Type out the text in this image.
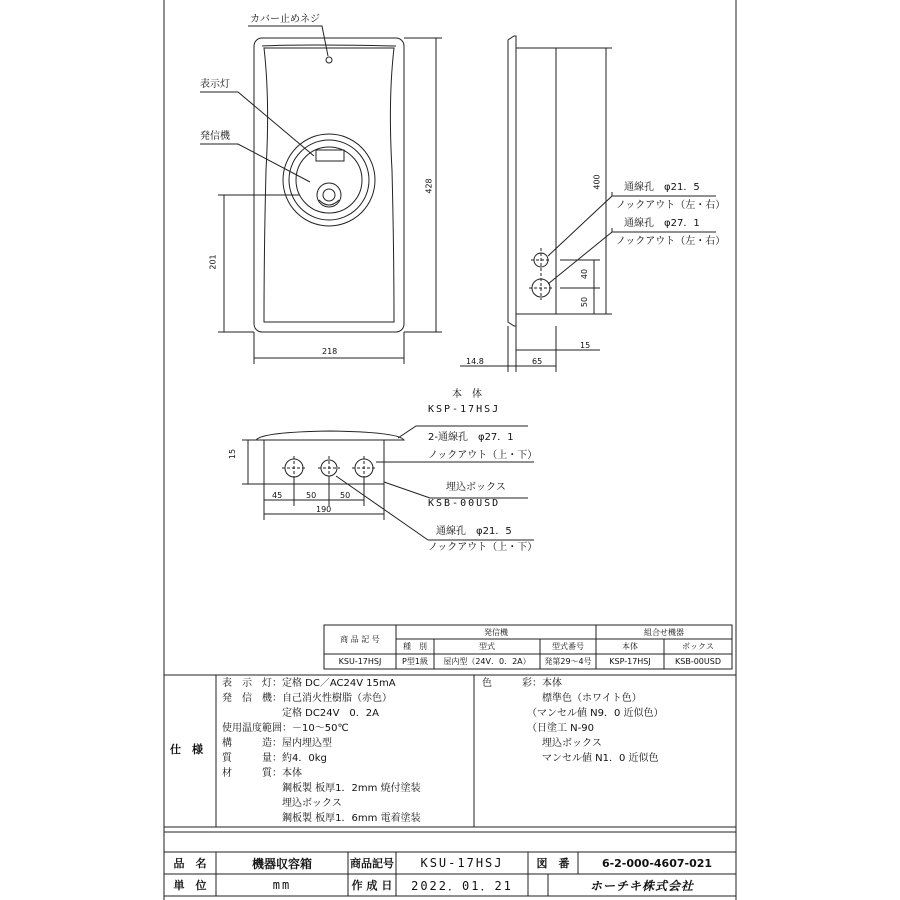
カバー止めネジ
表示灯
発信機
428
201
218
400
40
50
14.8	65
15
通線孔　φ21．5
ノックアウト（左・右）
通線孔　φ27．1
ノックアウト（左・右）
本　体
KSP-17HSJ
2-通線孔　φ27．1
ノックアウト（上・下）
埋込ボックス
KSB-00USD
通線孔　φ21．5
ノックアウト（上・下）
15
45	50	50
190
商 品 記 号
発信機	組合せ機器
種　別	型式	型式番号	本体	ボックス
KSU-17HSJ	P型1級	屋内型（24V．0．2A）	発第29～4号	KSP-17HSJ	KSB-00USD
仕　様
表　示　灯：定格 DC／AC24V 15mA
発　信　機：自己消火性樹脂（赤色）
　　　　　　定格 DC24V　0．2A
使用温度範囲：－10～50℃
構　　　造：屋内埋込型
質　　　量：約4．0kg
材　　　質：本体
　　　　　　鋼板製 板厚1．2mm 焼付塗装
　　　　　　埋込ボックス
　　　　　　鋼板製 板厚1．6mm 電着塗装
色　　　彩：本体
　　　　　　標準色（ホワイト色）
　　　　　（マンセル値 N9．0 近似色）
　　　　　（日塗工 N-90
　　　　　　埋込ボックス
　　　　　　マンセル値 N1．0 近似色
品　名	機器収容箱	商品記号	KSU-17HSJ	図　番	6-2-000-4607-021
単　位	mm	作 成 日	2022．01．21	ホーチキ株式会社
